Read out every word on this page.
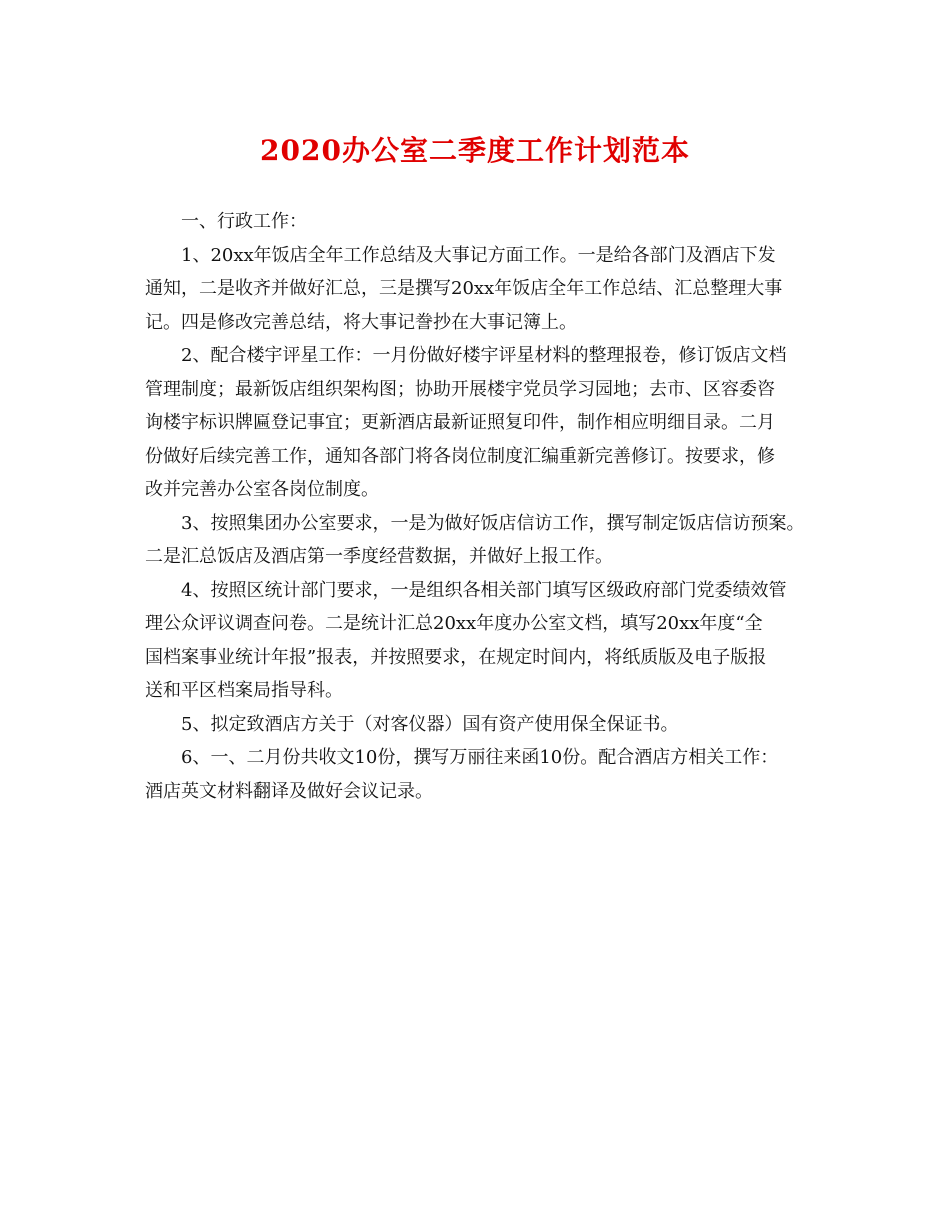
2020办公室二季度工作计划范本
一、行政工作：
1、20xx年饭店全年工作总结及大事记方面工作。一是给各部门及酒店下发
通知，二是收齐并做好汇总，三是撰写20xx年饭店全年工作总结、汇总整理大事
记。四是修改完善总结，将大事记誊抄在大事记簿上。
2、配合楼宇评星工作：一月份做好楼宇评星材料的整理报卷，修订饭店文档
管理制度；最新饭店组织架构图；协助开展楼宇党员学习园地；去市、区容委咨
询楼宇标识牌匾登记事宜；更新酒店最新证照复印件，制作相应明细目录。二月
份做好后续完善工作，通知各部门将各岗位制度汇编重新完善修订。按要求，修
改并完善办公室各岗位制度。
3、按照集团办公室要求，一是为做好饭店信访工作，撰写制定饭店信访预案。
二是汇总饭店及酒店第一季度经营数据，并做好上报工作。
4、按照区统计部门要求，一是组织各相关部门填写区级政府部门党委绩效管
理公众评议调查问卷。二是统计汇总20xx年度办公室文档，填写20xx年度“全
国档案事业统计年报”报表，并按照要求，在规定时间内，将纸质版及电子版报
送和平区档案局指导科。
5、拟定致酒店方关于（对客仪器）国有资产使用保全保证书。
6、一、二月份共收文10份，撰写万丽往来函10份。配合酒店方相关工作：
酒店英文材料翻译及做好会议记录。
